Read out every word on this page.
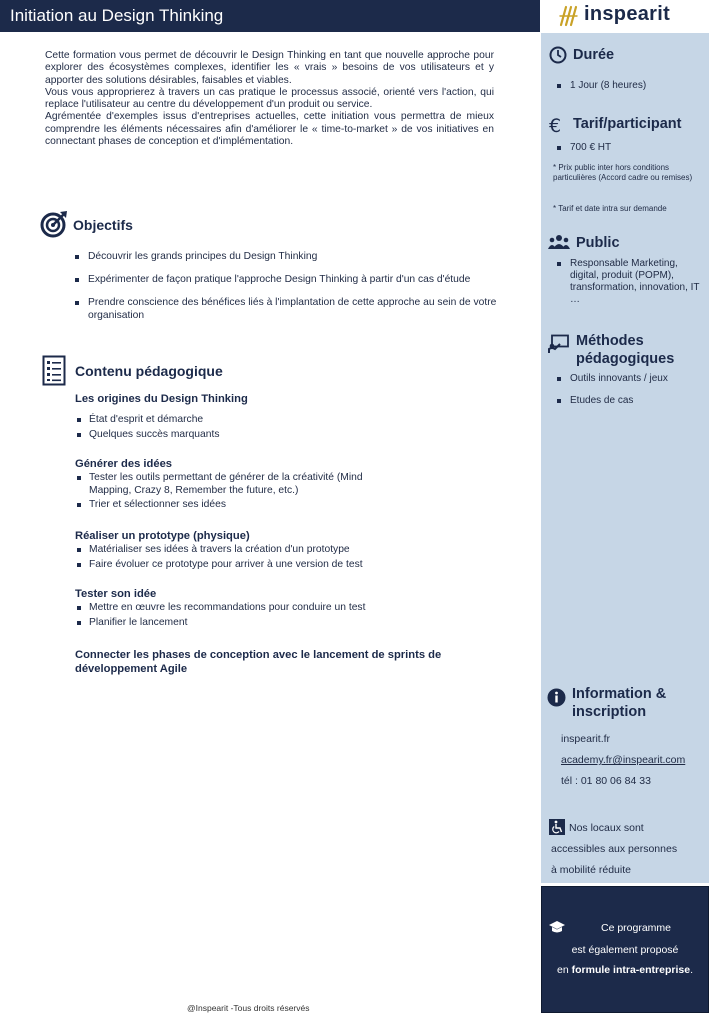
Initiation au Design Thinking	inspearit

Cette formation vous permet de découvrir le Design Thinking en tant que nouvelle approche pour explorer des écosystèmes complexes, identifier les « vrais » besoins de vos utilisateurs et y apporter des solutions désirables, faisables et viables.

Vous vous approprierez à travers un cas pratique le processus associé, orienté vers l'action, qui replace l'utilisateur au centre du développement d'un produit ou service.

Agrémentée d'exemples issus d'entreprises actuelles, cette initiation vous permettra de mieux comprendre les éléments nécessaires afin d'améliorer le « time-to-market » de vos initiatives en connectant phases de conception et d'implémentation.

Objectifs
Découvrir les grands principes du Design Thinking
Expérimenter de façon pratique l'approche Design Thinking à partir d'un cas d'étude
Prendre conscience des bénéfices liés à l'implantation de cette approche au sein de votre organisation
Contenu pédagogique
Les origines du Design Thinking
État d'esprit et démarche
Quelques succès marquants
Générer des idées
Tester les outils permettant de générer de la créativité (Mind Mapping, Crazy 8, Remember the future, etc.)
Trier et sélectionner ses idées
Réaliser un prototype (physique)
Matérialiser ses idées à travers la création d'un prototype
Faire évoluer ce prototype pour arriver à une version de test
Tester son idée
Mettre en œuvre les recommandations pour conduire un test
Planifier le lancement
Connecter les phases de conception avec le lancement de sprints de développement Agile
Durée
1 Jour (8 heures)
€ Tarif/participant
700 € HT
* Prix public inter hors conditions particulières (Accord cadre ou remises)
* Tarif et date intra sur demande
Public
Responsable Marketing, digital, produit (POPM), transformation, innovation, IT …
Méthodes pédagogiques
Outils innovants / jeux
Etudes de cas
Information & inscription
inspearit.fr
academy.fr@inspearit.com
tél : 01 80 06 84 33
Nos locaux sont
accessibles aux personnes
à mobilité réduite
Ce programme
est également proposé
en formule intra-entreprise.
@Inspearit -Tous droits réservés
